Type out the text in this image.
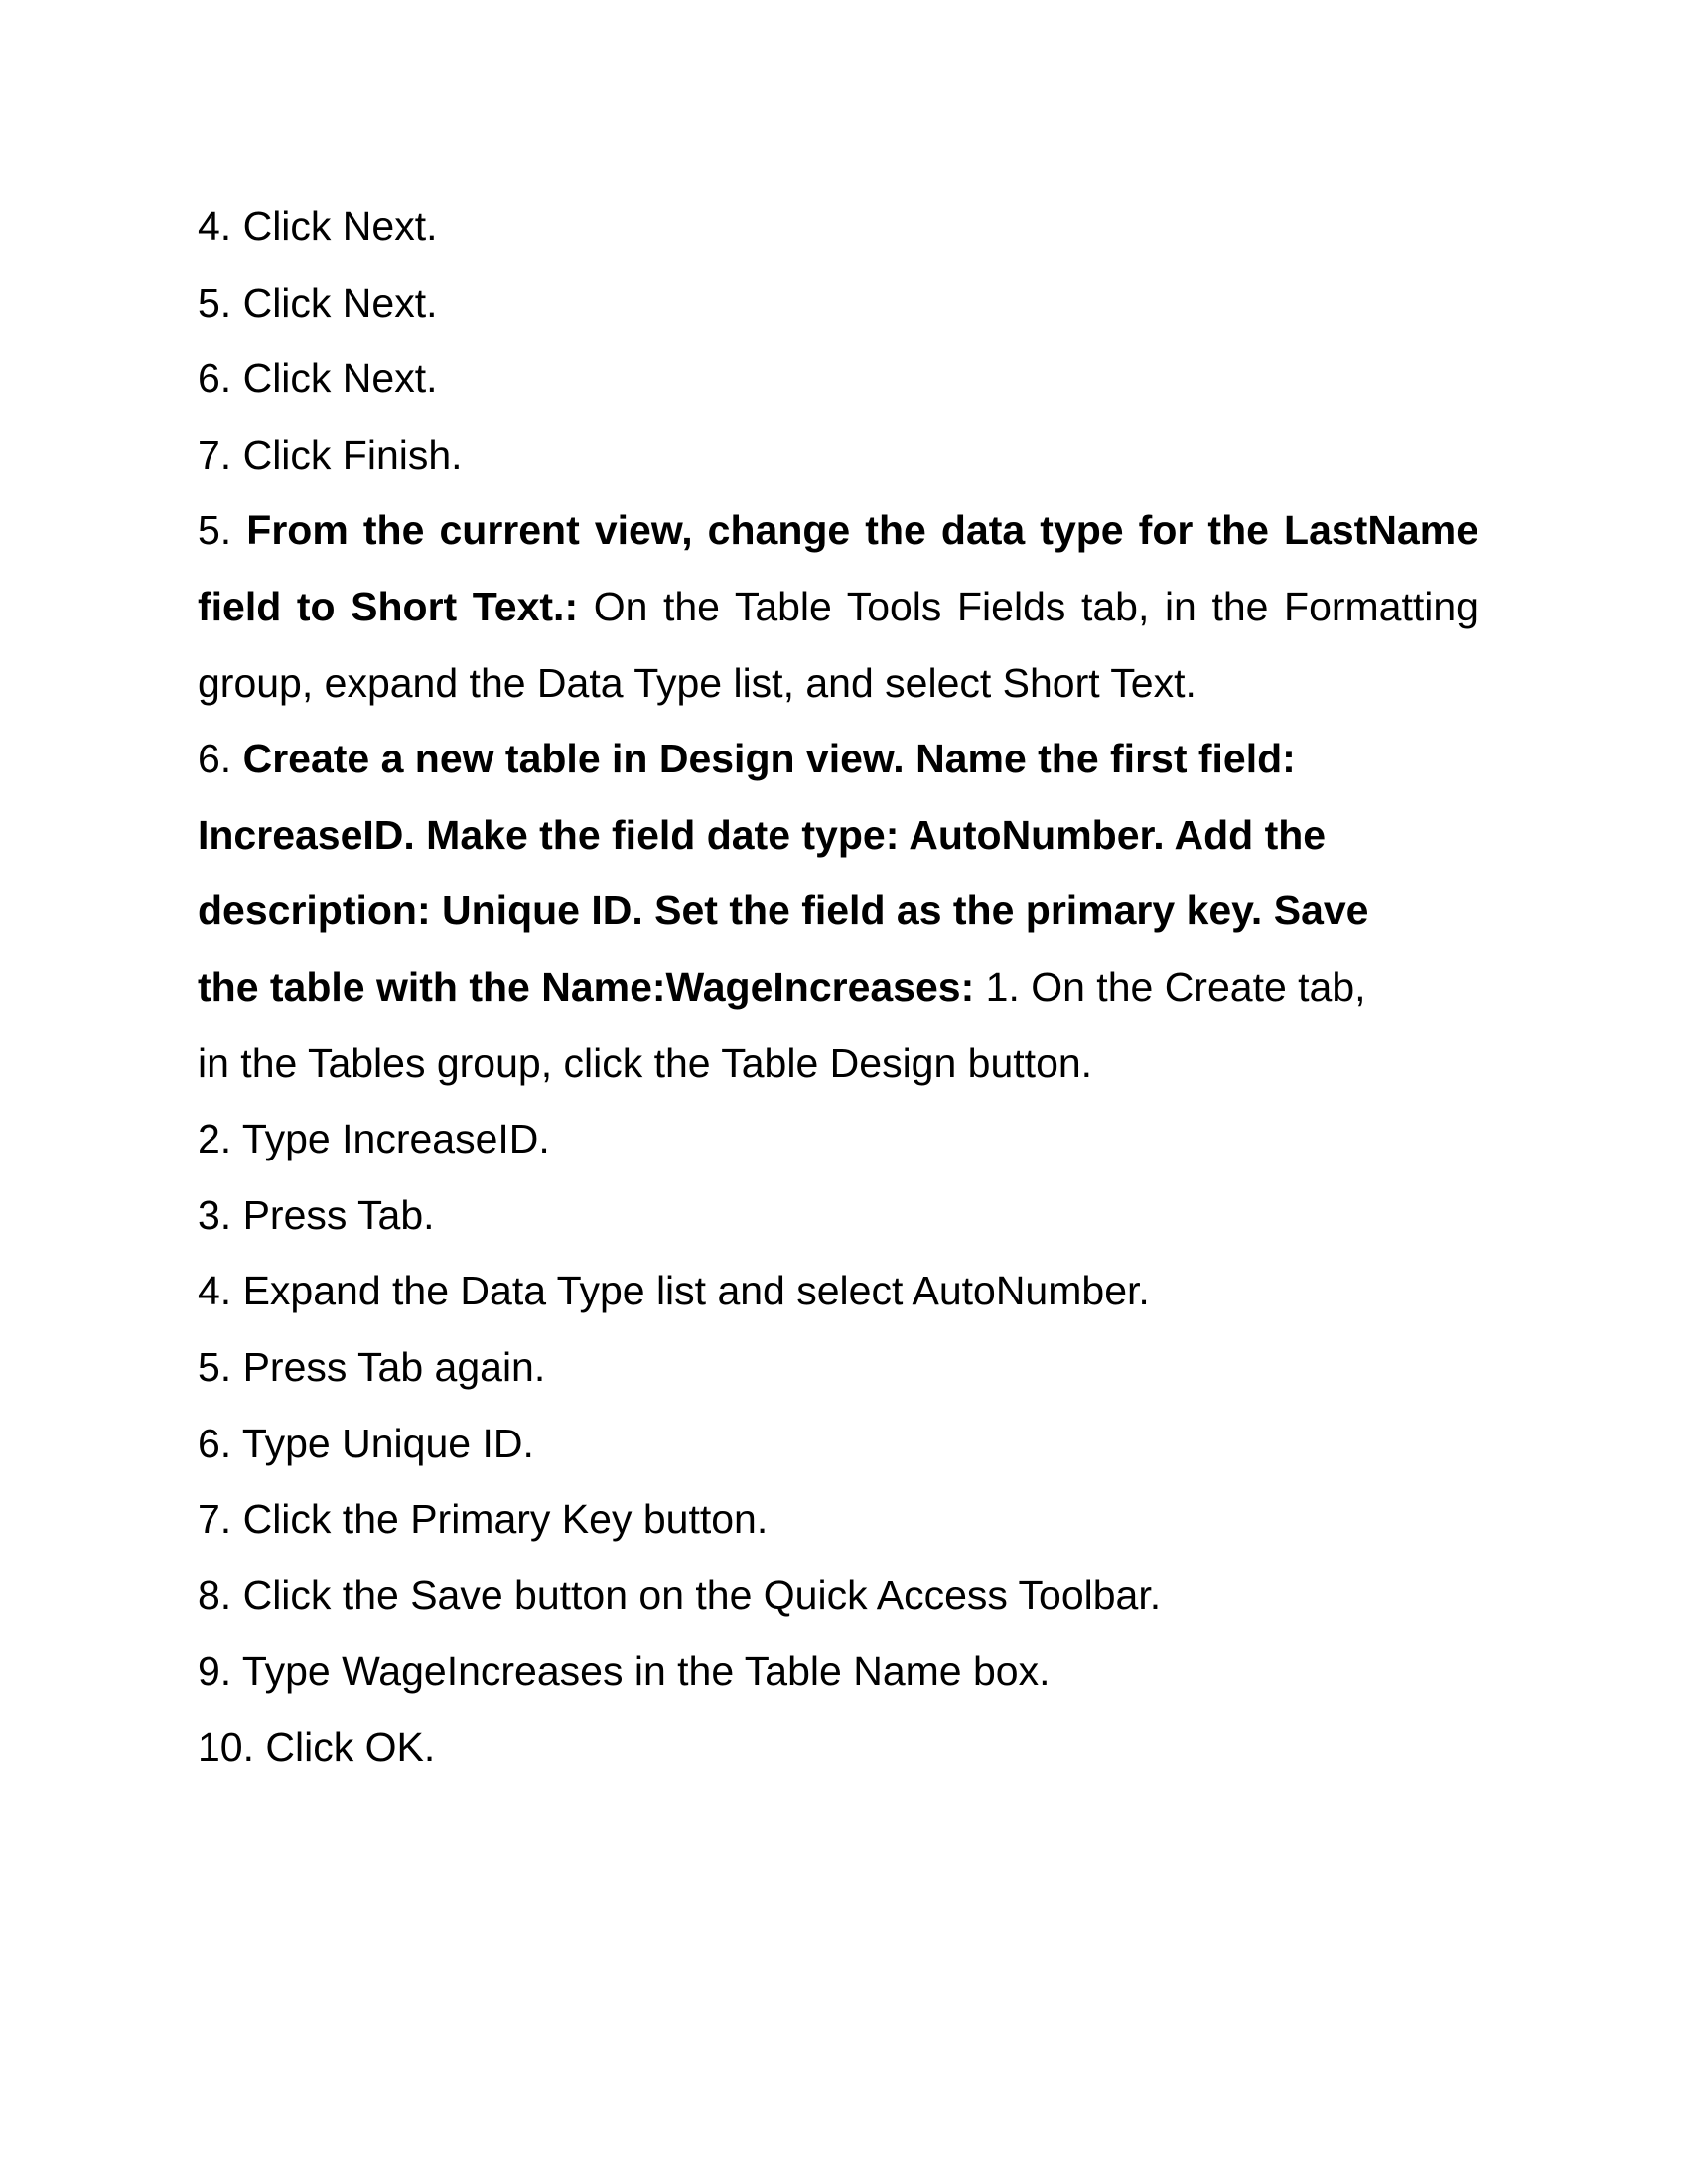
4. Click Next.

5. Click Next.

6. Click Next.

7. Click Finish.

5. From the current view, change the data type for the LastName field to Short Text.: On the Table Tools Fields tab, in the Formatting group, expand the Data Type list, and select Short Text.

6. Create a new table in Design view. Name the first field:

IncreaseID. Make the field date type: AutoNumber. Add the

description: Unique ID. Set the field as the primary key. Save

the table with the Name:WageIncreases: 1. On the Create tab,

in the Tables group, click the Table Design button.

2. Type IncreaseID.

3. Press Tab.

4. Expand the Data Type list and select AutoNumber.

5. Press Tab again.

6. Type Unique ID.

7. Click the Primary Key button.

8. Click the Save button on the Quick Access Toolbar.

9. Type WageIncreases in the Table Name box.

10. Click OK.
